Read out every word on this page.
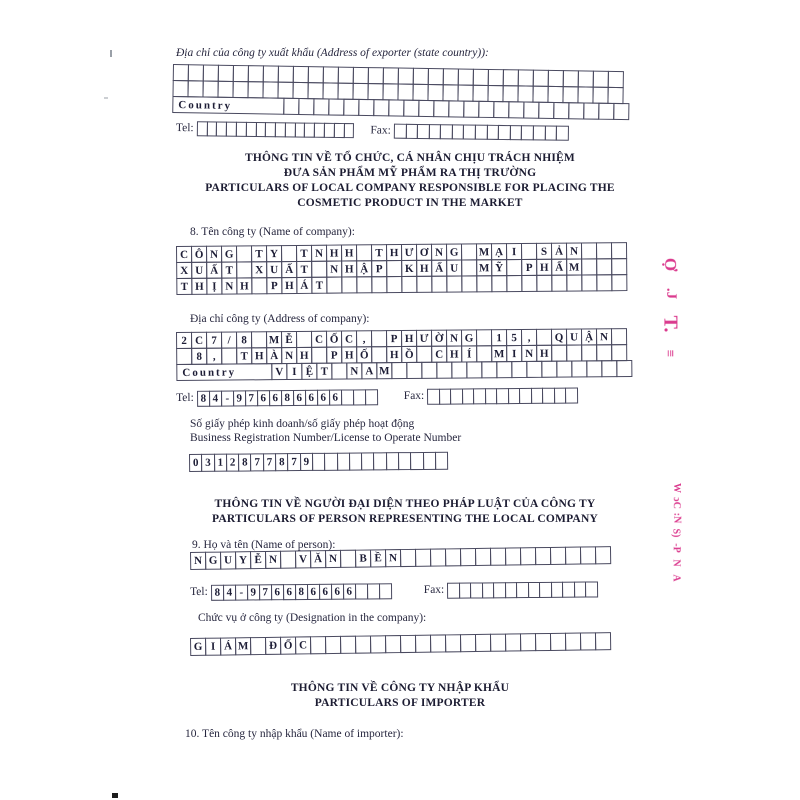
Địa chỉ của công ty xuất khẩu (Address of exporter (state country)):
Country
Tel:	Fax:
THÔNG TIN VỀ TỔ CHỨC, CÁ NHÂN CHỊU TRÁCH NHIỆM
ĐƯA SẢN PHẨM MỸ PHẨM RA THỊ TRƯỜNG
PARTICULARS OF LOCAL COMPANY RESPONSIBLE FOR PLACING THE
COSMETIC PRODUCT IN THE MARKET
8. Tên công ty (Name of company):
C Ô N G	T Y	T N H H	T H Ư Ơ N G	M Ạ I	S Ả N
X U Ấ T	X U Ấ T	N H Ậ P	K H Ẩ U	M Ỹ	P H Ẩ M
T H Ị N H	P H Á T
Địa chỉ công ty (Address of company):
2 C 7 / 8	M Ễ	C Ố C ,	P H Ư Ờ N G	1 5 ,	Q U Ậ N
8 ,	T H À N H	P H Ố	H Ồ	C H Í	M I N H
Country	V I Ệ T	N A M
Tel: 8 4 - 9 7 6 6 8 6 6 6 6	Fax:
Số giấy phép kinh doanh/số giấy phép hoạt động
Business Registration Number/License to Operate Number
0 3 1 2 8 7 7 8 7 9
THÔNG TIN VỀ NGƯỜI ĐẠI DIỆN THEO PHÁP LUẬT CỦA CÔNG TY
PARTICULARS OF PERSON REPRESENTING THE LOCAL COMPANY
9. Họ và tên (Name of person):
N G U Y Ễ N	V Ă N	B Ề N
Tel: 8 4 - 9 7 6 6 8 6 6 6 6	Fax:
Chức vụ ở công ty (Designation in the company):
G I Á M	Đ Ố C
THÔNG TIN VỀ CÔNG TY NHẬP KHẨU
PARTICULARS OF IMPORTER
10. Tên công ty nhập khẩu (Name of importer):
Ợ
.J
T.
≡
W
ɔC
:N
S)
-P
N
A
